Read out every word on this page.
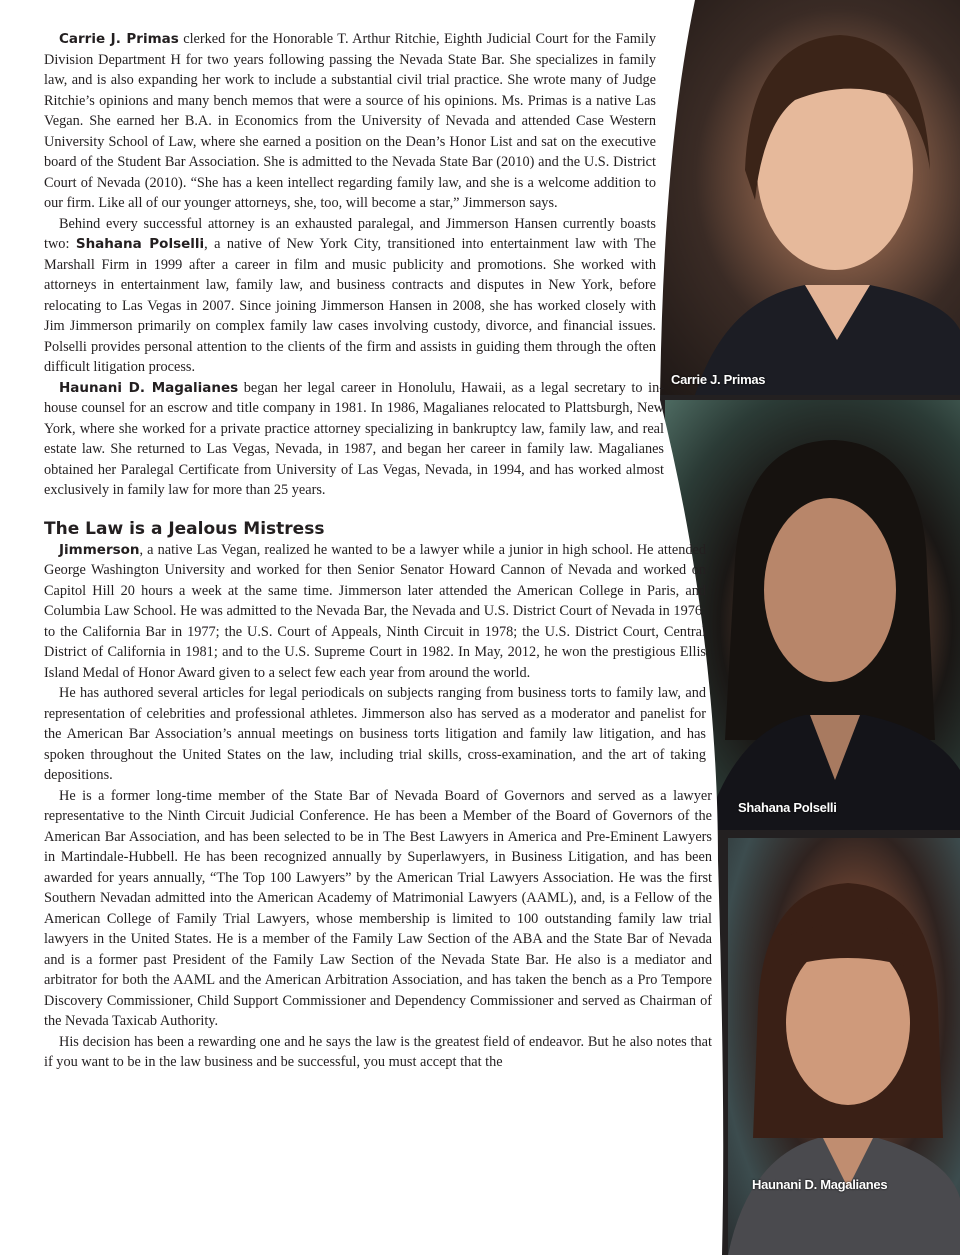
Carrie J. Primas
Shahana Polselli
Haunani D. Magalianes

Carrie J. Primas clerked for the Honorable T. Arthur Ritchie, Eighth Judicial Court for the Family Division Department H for two years following passing the Nevada State Bar. She specializes in family law, and is also expanding her work to include a substantial civil trial practice. She wrote many of Judge Ritchie’s opinions and many bench memos that were a source of his opinions. Ms. Primas is a native Las Vegan. She earned her B.A. in Economics from the University of Nevada and attended Case Western University School of Law, where she earned a position on the Dean’s Honor List and sat on the executive board of the Student Bar Association. She is admitted to the Nevada State Bar (2010) and the U.S. District Court of Nevada (2010). “She has a keen intellect regarding family law, and she is a welcome addition to our firm. Like all of our younger attorneys, she, too, will become a star,” Jimmerson says.

Behind every successful attorney is an exhausted paralegal, and Jimmerson Hansen currently boasts two: Shahana Polselli, a native of New York City, transitioned into entertainment law with The Marshall Firm in 1999 after a career in film and music publicity and promotions. She worked with attorneys in entertainment law, family law, and business contracts and disputes in New York, before relocating to Las Vegas in 2007. Since joining Jimmerson Hansen in 2008, she has worked closely with Jim Jimmerson primarily on complex family law cases involving custody, divorce, and financial issues. Polselli provides personal attention to the clients of the firm and assists in guiding them through the often difficult litigation process.

Haunani D. Magalianes began her legal career in Honolulu, Hawaii, as a legal secretary to in-house counsel for an escrow and title company in 1981. In 1986, Magalianes relocated to Plattsburgh, New York, where she worked for a private practice attorney specializing in bankruptcy law, family law, and real estate law. She returned to Las Vegas, Nevada, in 1987, and began her career in family law. Magalianes obtained her Paralegal Certificate from University of Las Vegas, Nevada, in 1994, and has worked almost exclusively in family law for more than 25 years.

The Law is a Jealous Mistress

Jimmerson, a native Las Vegan, realized he wanted to be a lawyer while a junior in high school. He attended George Washington University and worked for then Senior Senator Howard Cannon of Nevada and worked on Capitol Hill 20 hours a week at the same time. Jimmerson later attended the American College in Paris, and Columbia Law School. He was admitted to the Nevada Bar, the Nevada and U.S. District Court of Nevada in 1976; to the California Bar in 1977; the U.S. Court of Appeals, Ninth Circuit in 1978; the U.S. District Court, Central District of California in 1981; and to the U.S. Supreme Court in 1982. In May, 2012, he won the prestigious Ellis Island Medal of Honor Award given to a select few each year from around the world.

He has authored several articles for legal periodicals on subjects ranging from business torts to family law, and representation of celebrities and professional athletes. Jimmerson also has served as a moderator and panelist for the American Bar Association’s annual meetings on business torts litigation and family law litigation, and has spoken throughout the United States on the law, including trial skills, cross-examination, and the art of taking depositions.

He is a former long-time member of the State Bar of Nevada Board of Governors and served as a lawyer representative to the Ninth Circuit Judicial Conference. He has been a Member of the Board of Governors of the American Bar Association, and has been selected to be in The Best Lawyers in America and Pre-Eminent Lawyers in Martindale-Hubbell. He has been recognized annually by Superlawyers, in Business Litigation, and has been awarded for years annually, “The Top 100 Lawyers” by the American Trial Lawyers Association. He was the first Southern Nevadan admitted into the American Academy of Matrimonial Lawyers (AAML), and, is a Fellow of the American College of Family Trial Lawyers, whose membership is limited to 100 outstanding family law trial lawyers in the United States. He is a member of the Family Law Section of the ABA and the State Bar of Nevada and is a former past President of the Family Law Section of the Nevada State Bar. He also is a mediator and arbitrator for both the AAML and the American Arbitration Association, and has taken the bench as a Pro Tempore Discovery Commissioner, Child Support Commissioner and Dependency Commissioner and served as Chairman of the Nevada Taxicab Authority.

His decision has been a rewarding one and he says the law is the greatest field of endeavor. But he also notes that if you want to be in the law business and be successful, you must accept that the
